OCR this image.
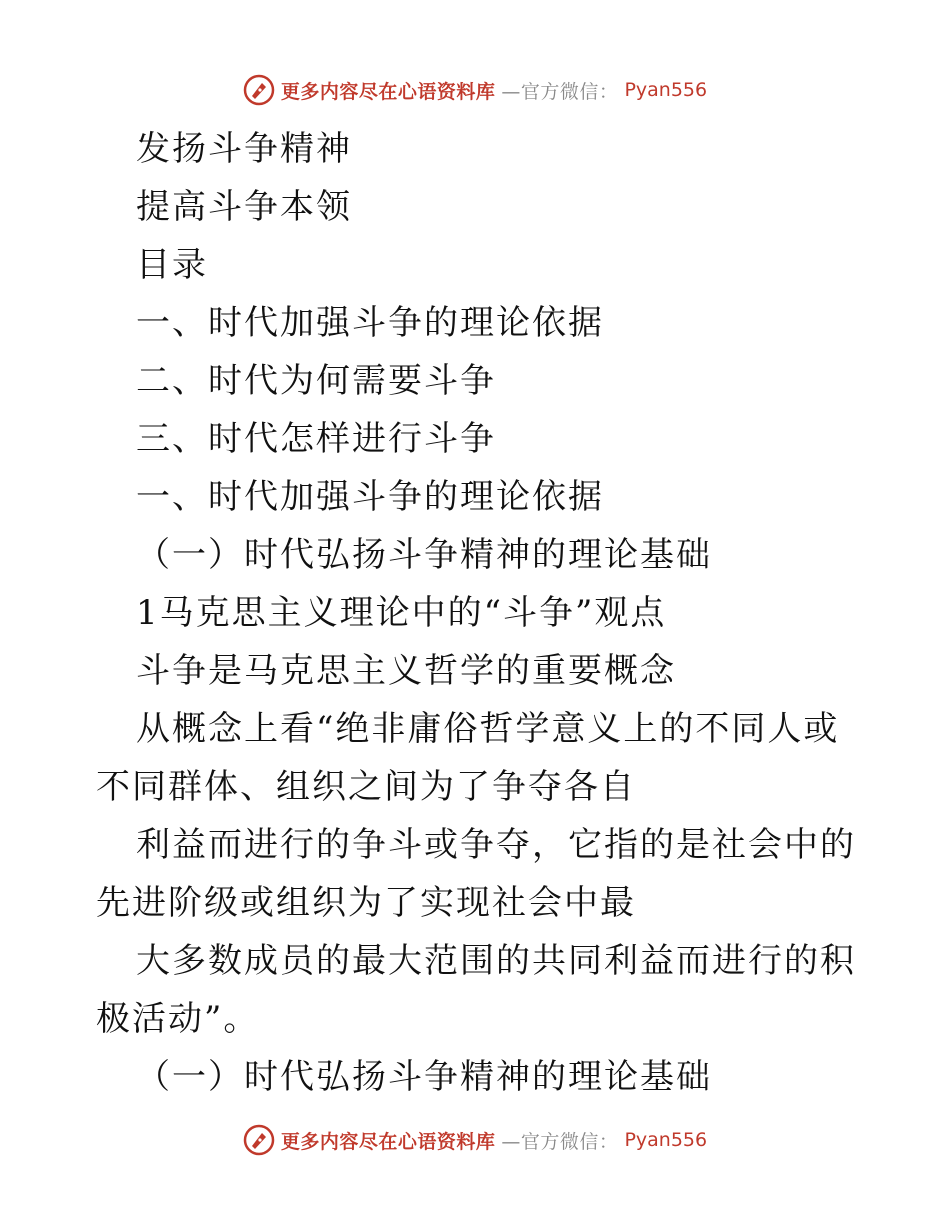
更多内容尽在心语资料库 —官方微信： Pyan556
发扬斗争精神
提高斗争本领
目录
一、时代加强斗争的理论依据
二、时代为何需要斗争
三、时代怎样进行斗争
一、时代加强斗争的理论依据
（一）时代弘扬斗争精神的理论基础
1马克思主义理论中的“斗争”观点
斗争是马克思主义哲学的重要概念
从概念上看“绝非庸俗哲学意义上的不同人或不同群体、组织之间为了争夺各自
利益而进行的争斗或争夺，它指的是社会中的先进阶级或组织为了实现社会中最
大多数成员的最大范围的共同利益而进行的积极活动”。
（一）时代弘扬斗争精神的理论基础
更多内容尽在心语资料库 —官方微信： Pyan556
